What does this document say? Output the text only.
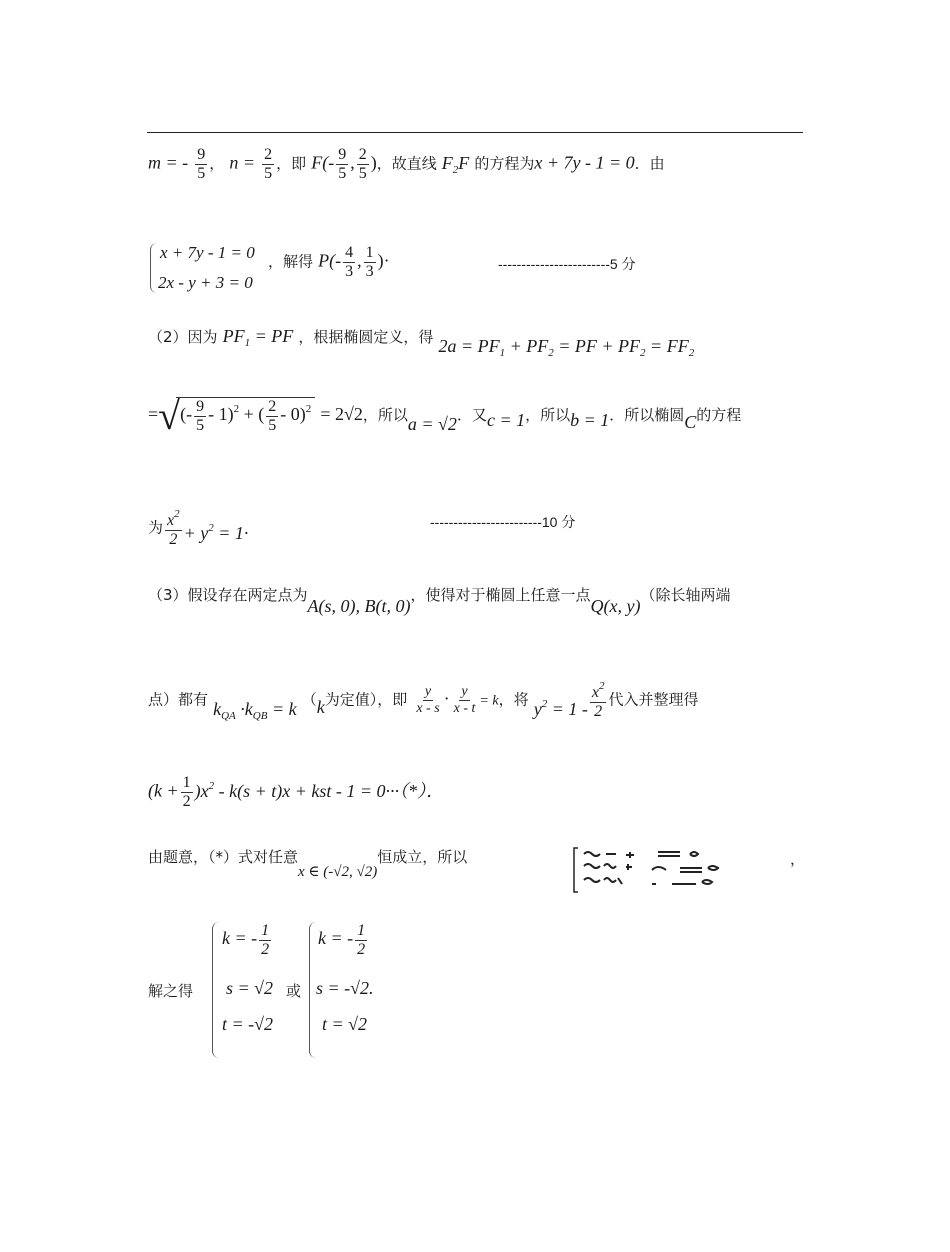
m = - $\frac{9}{5}$ ， $n = \frac{2}{5}$ ，即 $F(- \frac{9}{5}$ , $\frac{2}{5}$ )，故直线 $F_2F$ 的方程为x + 7y - 1 = 0．由
x + 7y - 1 = 0
2x - y + 3 = 0
，解得 $P(- \frac{4}{3}$ , $\frac{1}{3}$ )·	------------------------5 分
（2）因为 $PF_1$ = PF ，根据椭圆定义，得 $2a = PF_1 + PF_2$ = PF + $PF_2 = FF_2$
=√(- $\frac{9}{5} - 1)^2$ + ( $\frac{2}{5} - 0)^2 = 2√2$，所以a = √2．又c = 1，所以b = 1．所以椭圆C的方程
为 $\frac{x^2}{2} + y^2 = 1\cdot$
------------------------10 分
（3）假设存在两定点为A(s, 0), B(t, 0)，使得对于椭圆上任意一点Q(x, y)（除长轴两端
点）都有 $k_{QA} \cdot k_{QB} = k$ （k为定值），即 $\frac{y}{x - s} \cdot \frac{y}{x - t} = k$，将 $y^2 = 1 - \frac{x^2}{2}$ 代入并整理得
$(k + \frac{1}{2} )x^2 - k(s + t)x$ + kst - 1 = 0···（*）．
由题意，（*）式对任意x ∈ (-√2, √2)恒成立，所以	，
解之得
k = - $\frac{1}{2}$
s = √2
t = -√2
或
k = - $\frac{1}{2}$
s = -√2.
t = √2
